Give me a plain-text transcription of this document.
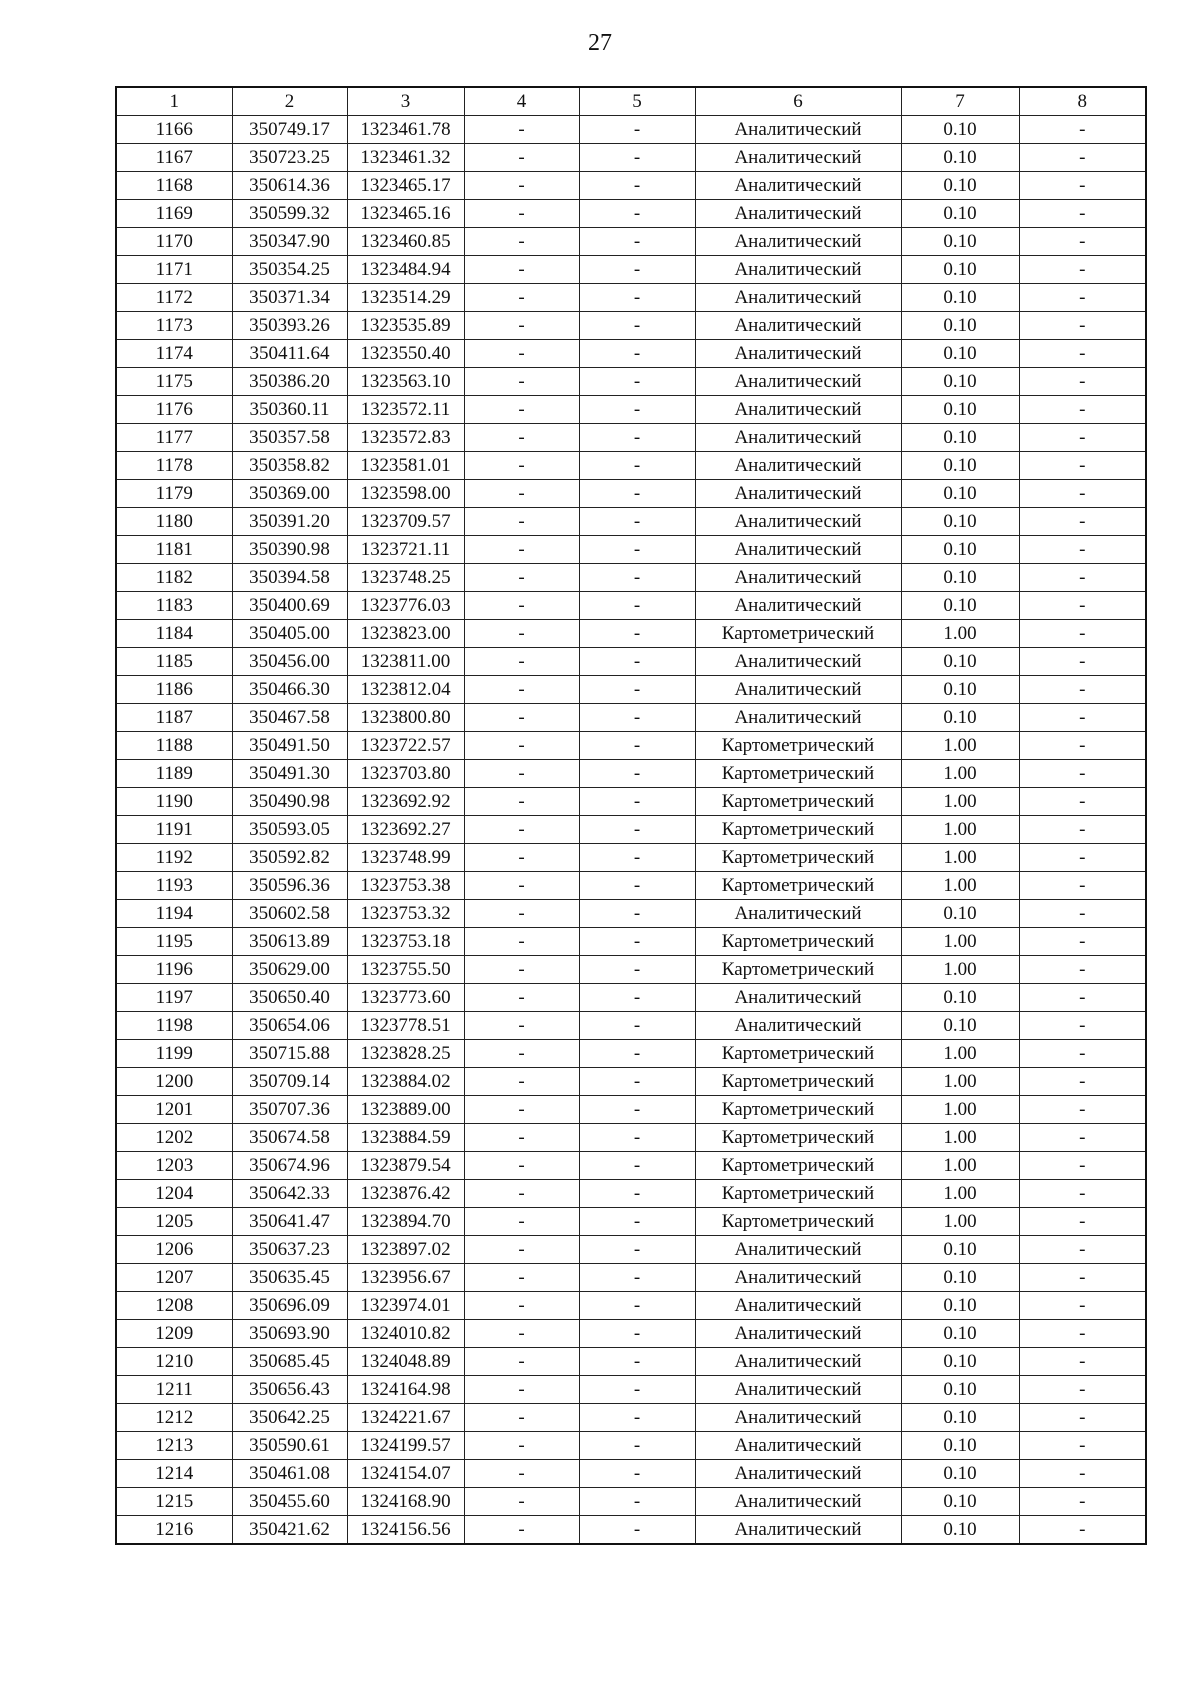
27
1	2	3	4	5	6	7	8
1166	350749.17	1323461.78	-	-	Аналитический	0.10	-
1167	350723.25	1323461.32	-	-	Аналитический	0.10	-
1168	350614.36	1323465.17	-	-	Аналитический	0.10	-
1169	350599.32	1323465.16	-	-	Аналитический	0.10	-
1170	350347.90	1323460.85	-	-	Аналитический	0.10	-
1171	350354.25	1323484.94	-	-	Аналитический	0.10	-
1172	350371.34	1323514.29	-	-	Аналитический	0.10	-
1173	350393.26	1323535.89	-	-	Аналитический	0.10	-
1174	350411.64	1323550.40	-	-	Аналитический	0.10	-
1175	350386.20	1323563.10	-	-	Аналитический	0.10	-
1176	350360.11	1323572.11	-	-	Аналитический	0.10	-
1177	350357.58	1323572.83	-	-	Аналитический	0.10	-
1178	350358.82	1323581.01	-	-	Аналитический	0.10	-
1179	350369.00	1323598.00	-	-	Аналитический	0.10	-
1180	350391.20	1323709.57	-	-	Аналитический	0.10	-
1181	350390.98	1323721.11	-	-	Аналитический	0.10	-
1182	350394.58	1323748.25	-	-	Аналитический	0.10	-
1183	350400.69	1323776.03	-	-	Аналитический	0.10	-
1184	350405.00	1323823.00	-	-	Картометрический	1.00	-
1185	350456.00	1323811.00	-	-	Аналитический	0.10	-
1186	350466.30	1323812.04	-	-	Аналитический	0.10	-
1187	350467.58	1323800.80	-	-	Аналитический	0.10	-
1188	350491.50	1323722.57	-	-	Картометрический	1.00	-
1189	350491.30	1323703.80	-	-	Картометрический	1.00	-
1190	350490.98	1323692.92	-	-	Картометрический	1.00	-
1191	350593.05	1323692.27	-	-	Картометрический	1.00	-
1192	350592.82	1323748.99	-	-	Картометрический	1.00	-
1193	350596.36	1323753.38	-	-	Картометрический	1.00	-
1194	350602.58	1323753.32	-	-	Аналитический	0.10	-
1195	350613.89	1323753.18	-	-	Картометрический	1.00	-
1196	350629.00	1323755.50	-	-	Картометрический	1.00	-
1197	350650.40	1323773.60	-	-	Аналитический	0.10	-
1198	350654.06	1323778.51	-	-	Аналитический	0.10	-
1199	350715.88	1323828.25	-	-	Картометрический	1.00	-
1200	350709.14	1323884.02	-	-	Картометрический	1.00	-
1201	350707.36	1323889.00	-	-	Картометрический	1.00	-
1202	350674.58	1323884.59	-	-	Картометрический	1.00	-
1203	350674.96	1323879.54	-	-	Картометрический	1.00	-
1204	350642.33	1323876.42	-	-	Картометрический	1.00	-
1205	350641.47	1323894.70	-	-	Картометрический	1.00	-
1206	350637.23	1323897.02	-	-	Аналитический	0.10	-
1207	350635.45	1323956.67	-	-	Аналитический	0.10	-
1208	350696.09	1323974.01	-	-	Аналитический	0.10	-
1209	350693.90	1324010.82	-	-	Аналитический	0.10	-
1210	350685.45	1324048.89	-	-	Аналитический	0.10	-
1211	350656.43	1324164.98	-	-	Аналитический	0.10	-
1212	350642.25	1324221.67	-	-	Аналитический	0.10	-
1213	350590.61	1324199.57	-	-	Аналитический	0.10	-
1214	350461.08	1324154.07	-	-	Аналитический	0.10	-
1215	350455.60	1324168.90	-	-	Аналитический	0.10	-
1216	350421.62	1324156.56	-	-	Аналитический	0.10	-
